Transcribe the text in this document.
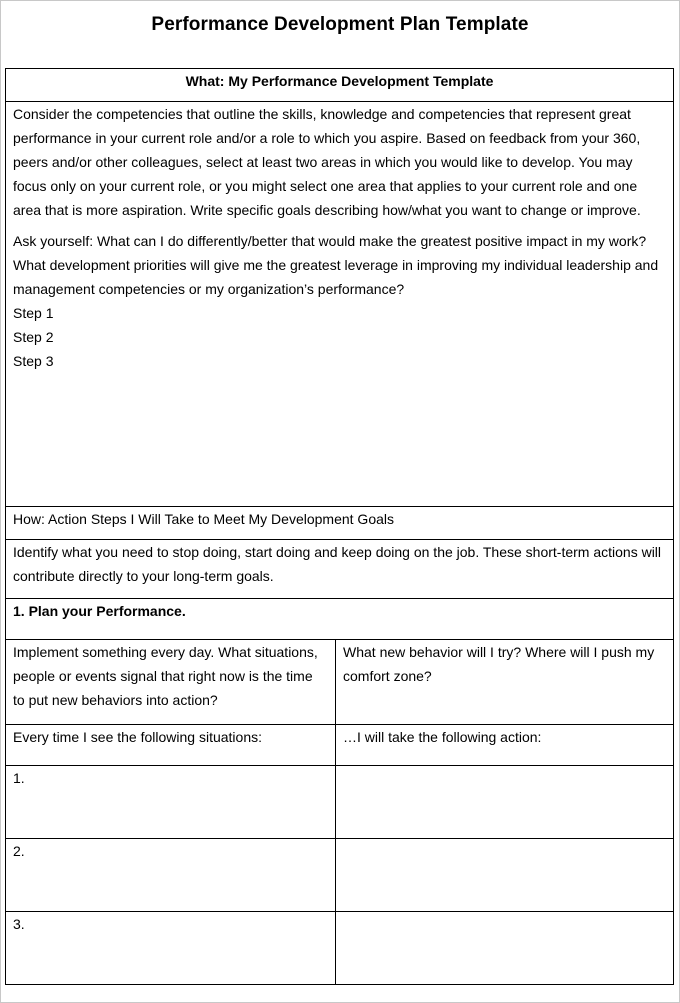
Performance Development Plan Template
What: My Performance Development Template	

Consider the competencies that outline the skills, knowledge and competencies that represent great performance in your current role and/or a role to which you aspire. Based on feedback from your 360, peers and/or other colleagues, select at least two areas in which you would like to develop. You may focus only on your current role, or you might select one area that applies to your current role and one area that is more aspiration. Write specific goals describing how/what you want to change or improve.

Ask yourself: What can I do differently/better that would make the greatest positive impact in my work? What development priorities will give me the greatest leverage in improving my individual leadership and management competencies or my organization’s performance?

Step 1

Step 2

Step 3	

How: Action Steps I Will Take to Meet My Development Goals	
Identify what you need to stop doing, start doing and keep doing on the job. These short-term actions will contribute directly to your long-term goals.	
1. Plan your Performance.	
Implement something every day. What situations, people or events signal that right now is the time to put new behaviors into action?	What new behavior will I try? Where will I push my comfort zone?
Every time I see the following situations:	…I will take the following action:
1.	
2.	
3.	
